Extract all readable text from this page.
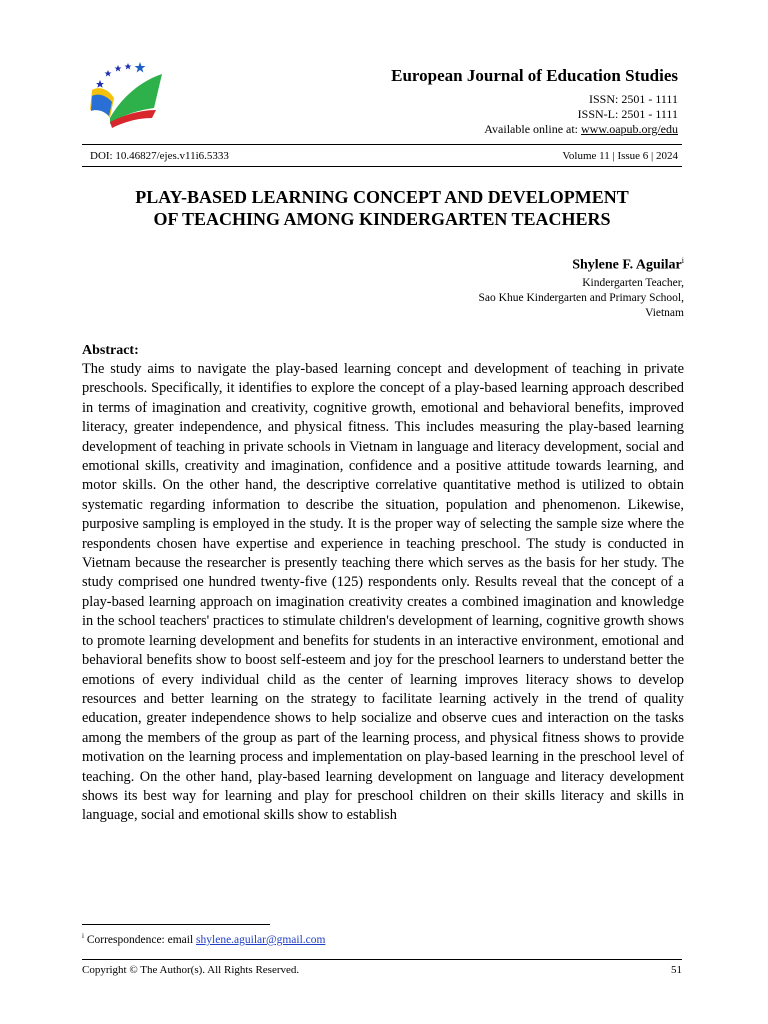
European Journal of Education Studies
ISSN: 2501 - 1111
ISSN-L: 2501 - 1111
Available online at: www.oapub.org/edu
DOI: 10.46827/ejes.v11i6.5333	Volume 11 | Issue 6 | 2024
PLAY-BASED LEARNING CONCEPT AND DEVELOPMENT
OF TEACHING AMONG KINDERGARTEN TEACHERS
Shylene F. Aguilar$^i$
Kindergarten Teacher,
Sao Khue Kindergarten and Primary School,
Vietnam
Abstract:

The study aims to navigate the play-based learning concept and development of teaching in private preschools. Specifically, it identifies to explore the concept of a play-based learning approach described in terms of imagination and creativity, cognitive growth, emotional and behavioral benefits, improved literacy, greater independence, and physical fitness. This includes measuring the play-based learning development of teaching in private schools in Vietnam in language and literacy development, social and emotional skills, creativity and imagination, confidence and a positive attitude towards learning, and motor skills. On the other hand, the descriptive correlative quantitative method is utilized to obtain systematic regarding information to describe the situation, population and phenomenon. Likewise, purposive sampling is employed in the study. It is the proper way of selecting the sample size where the respondents chosen have expertise and experience in teaching preschool. The study is conducted in Vietnam because the researcher is presently teaching there which serves as the basis for her study. The study comprised one hundred twenty-five (125) respondents only. Results reveal that the concept of a play-based learning approach on imagination creativity creates a combined imagination and knowledge in the school teachers' practices to stimulate children's development of learning, cognitive growth shows to promote learning development and benefits for students in an interactive environment, emotional and behavioral benefits show to boost self-esteem and joy for the preschool learners to understand better the emotions of every individual child as the center of learning improves literacy shows to develop resources and better learning on the strategy to facilitate learning actively in the trend of quality education, greater independence shows to help socialize and observe cues and interaction on the tasks among the members of the group as part of the learning process, and physical fitness shows to provide motivation on the learning process and implementation on play-based learning in the preschool level of teaching. On the other hand, play-based learning development on language and literacy development shows its best way for learning and play for preschool children on their skills literacy and skills in language, social and emotional skills show to establish

$^i$ Correspondence: email shylene.aguilar@gmail.com
Copyright © The Author(s). All Rights Reserved.	51
